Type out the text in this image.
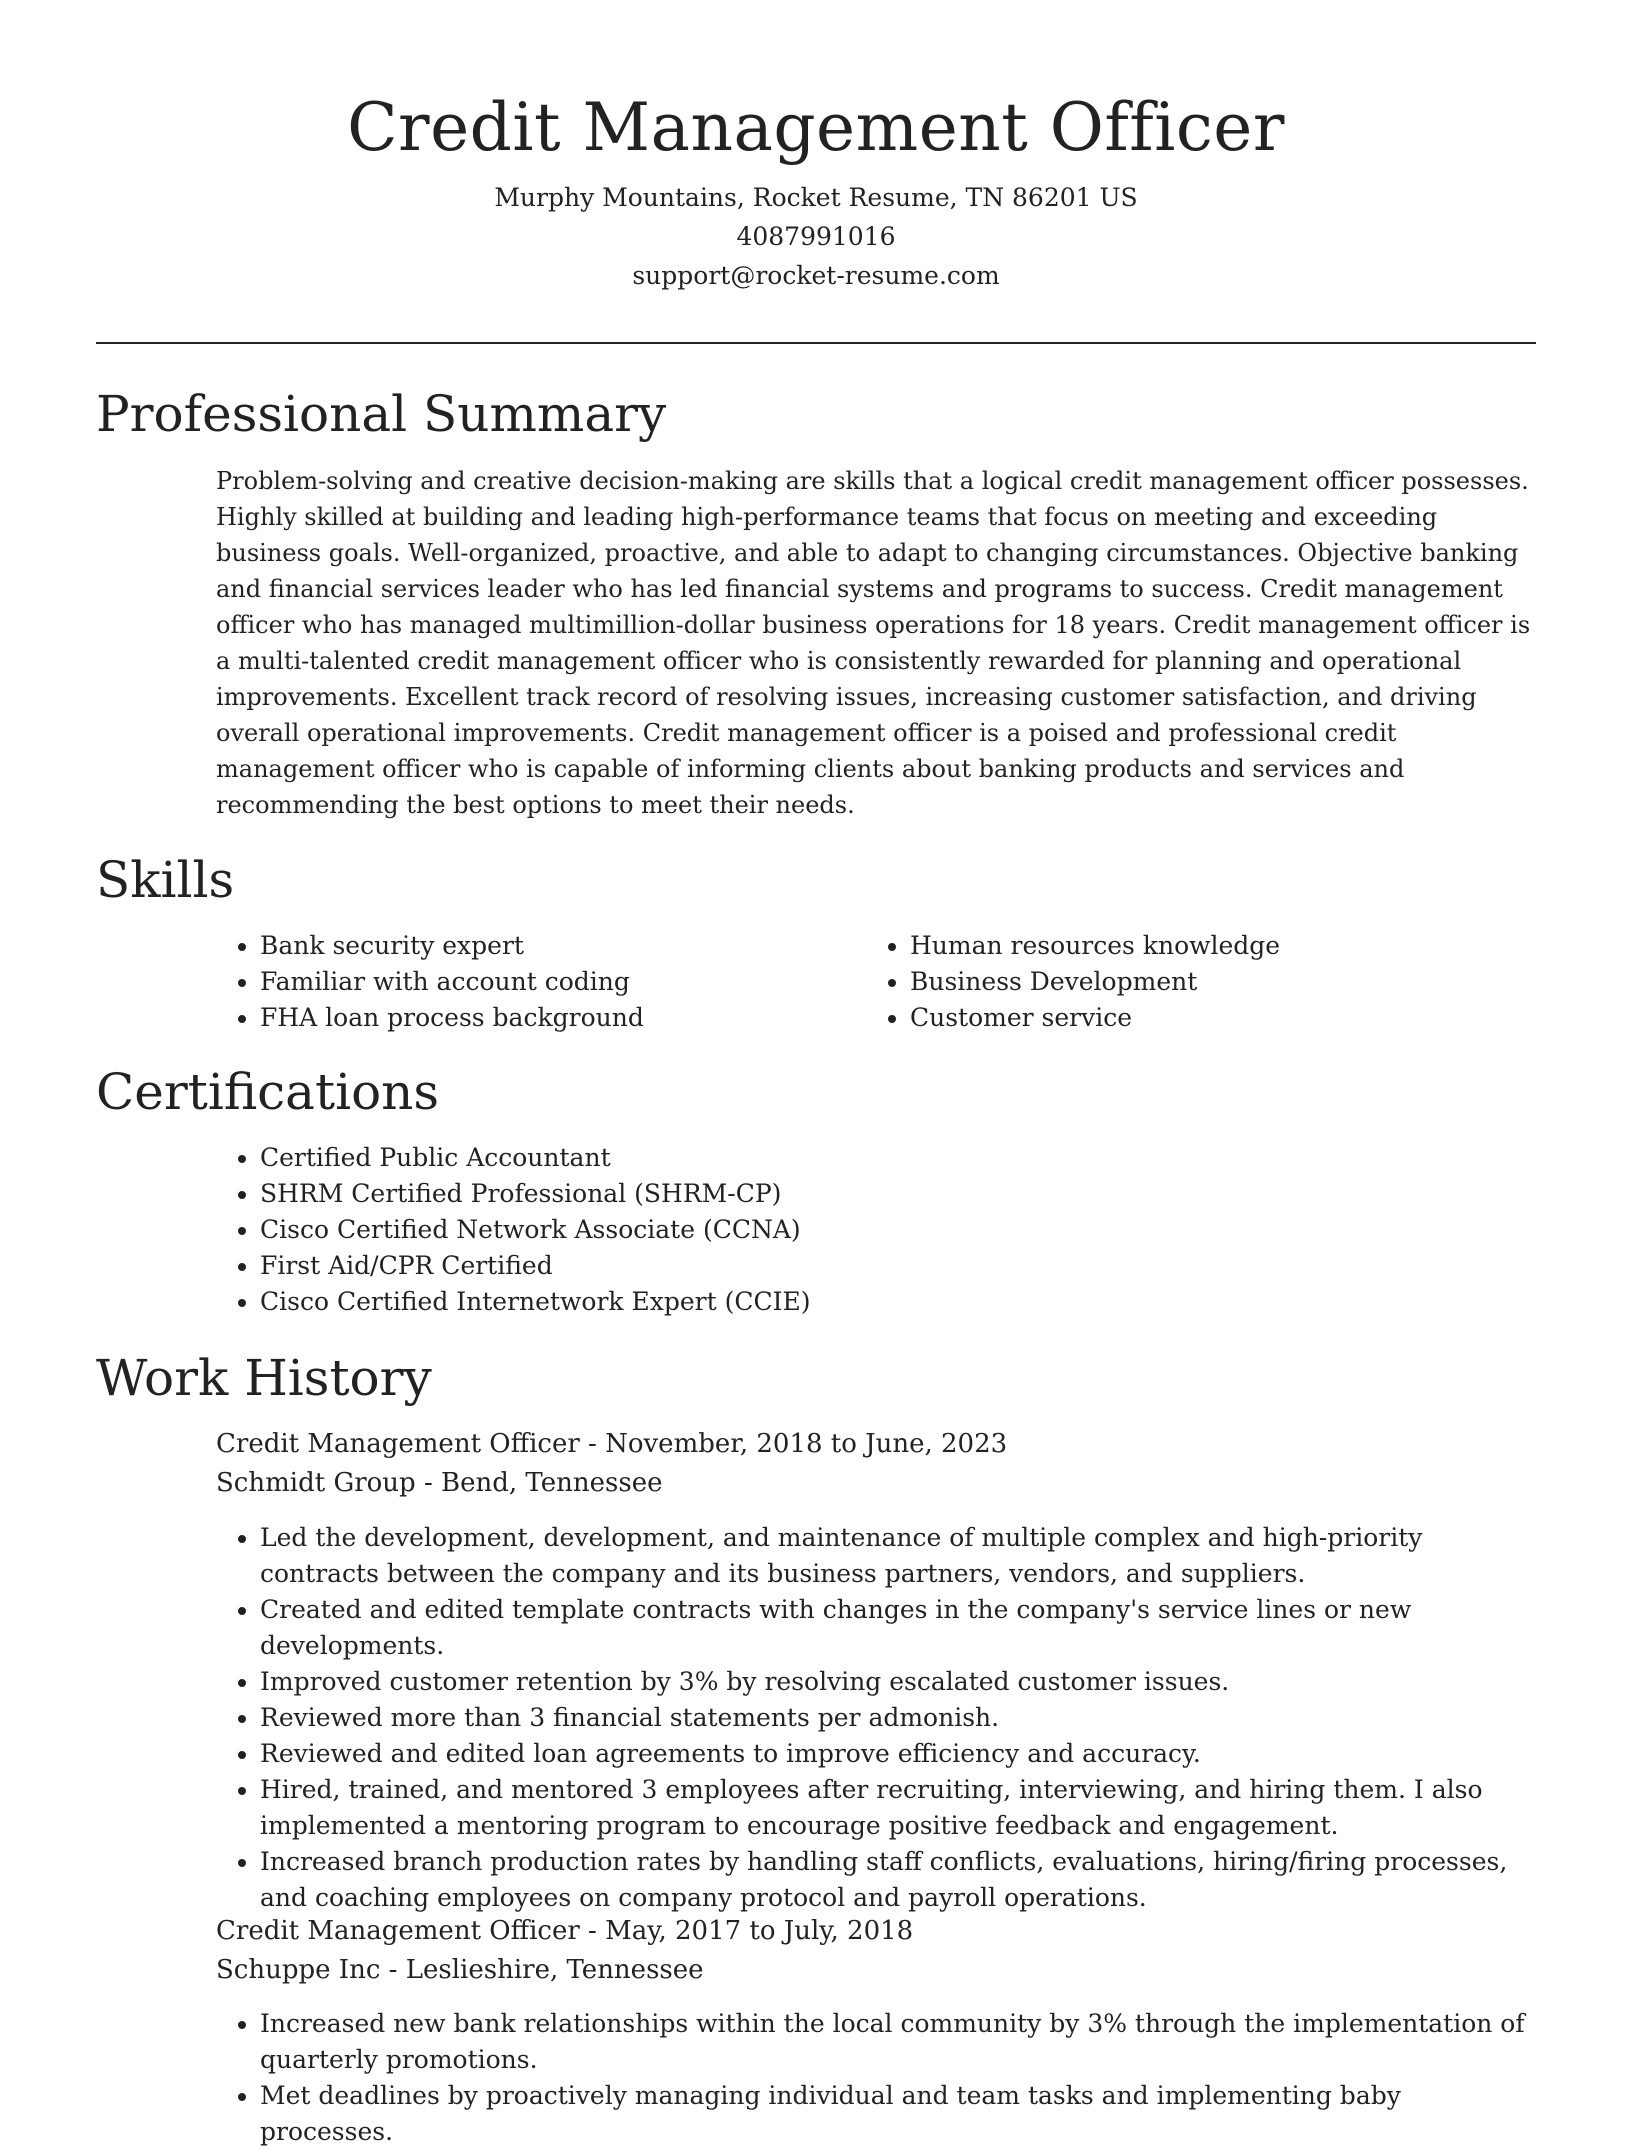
Credit Management Officer
Murphy Mountains, Rocket Resume, TN 86201 US
4087991016
support@rocket-resume.com
Professional Summary

Problem-solving and creative decision-making are skills that a logical credit management officer possesses. Highly skilled at building and leading high-performance teams that focus on meeting and exceeding business goals. Well-organized, proactive, and able to adapt to changing circumstances. Objective banking and financial services leader who has led financial systems and programs to success. Credit management officer who has managed multimillion-dollar business operations for 18 years. Credit management officer is a multi-talented credit management officer who is consistently rewarded for planning and operational improvements. Excellent track record of resolving issues, increasing customer satisfaction, and driving overall operational improvements. Credit management officer is a poised and professional credit management officer who is capable of informing clients about banking products and services and recommending the best options to meet their needs.

Skills
• Bank security expert
• Familiar with account coding
• FHA loan process background
• Human resources knowledge
• Business Development
• Customer service
Certifications
• Certified Public Accountant
• SHRM Certified Professional (SHRM-CP)
• Cisco Certified Network Associate (CCNA)
• First Aid/CPR Certified
• Cisco Certified Internetwork Expert (CCIE)
Work History
Credit Management Officer - November, 2018 to June, 2023
Schmidt Group - Bend, Tennessee
• Led the development, development, and maintenance of multiple complex and high-priority contracts between the company and its business partners, vendors, and suppliers.
• Created and edited template contracts with changes in the company's service lines or new developments.
• Improved customer retention by 3% by resolving escalated customer issues.
• Reviewed more than 3 financial statements per admonish.
• Reviewed and edited loan agreements to improve efficiency and accuracy.
• Hired, trained, and mentored 3 employees after recruiting, interviewing, and hiring them. I also implemented a mentoring program to encourage positive feedback and engagement.
• Increased branch production rates by handling staff conflicts, evaluations, hiring/firing processes, and coaching employees on company protocol and payroll operations.
Credit Management Officer - May, 2017 to July, 2018
Schuppe Inc - Leslieshire, Tennessee
• Increased new bank relationships within the local community by 3% through the implementation of quarterly promotions.
• Met deadlines by proactively managing individual and team tasks and implementing baby processes.
